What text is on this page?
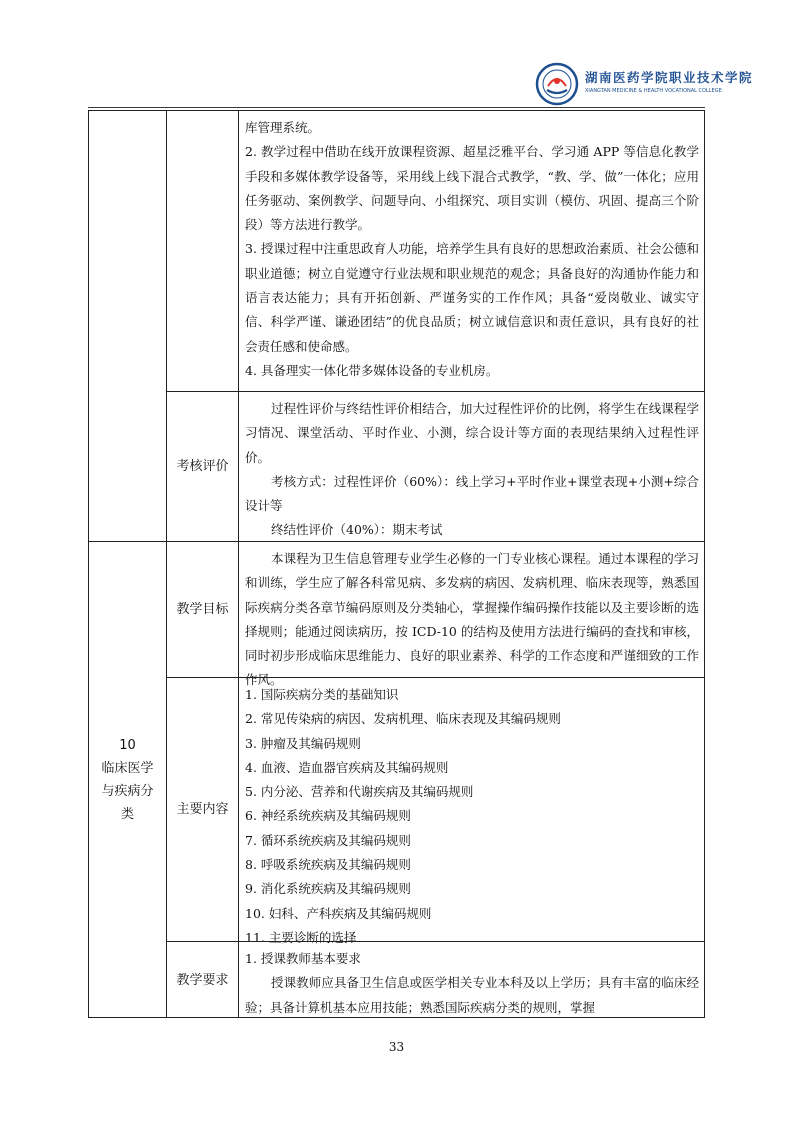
湖南医药学院职业技术学院
XIANGTAN MEDICINE & HEALTH VOCATIONAL COLLEGE

库管理系统。

2. 教学过程中借助在线开放课程资源、超星泛雅平台、学习通 APP 等信息化教学手段和多媒体教学设备等，采用线上线下混合式教学，“教、学、做”一体化；应用任务驱动、案例教学、问题导向、小组探究、项目实训（模仿、巩固、提高三个阶段）等方法进行教学。

3. 授课过程中注重思政育人功能，培养学生具有良好的思想政治素质、社会公德和职业道德；树立自觉遵守行业法规和职业规范的观念；具备良好的沟通协作能力和语言表达能力；具有开拓创新、严谨务实的工作作风；具备“爱岗敬业、诚实守信、科学严谨、谦逊团结”的优良品质；树立诚信意识和责任意识，具有良好的社会责任感和使命感。

4. 具备理实一体化带多媒体设备的专业机房。

考核评价

过程性评价与终结性评价相结合，加大过程性评价的比例，将学生在线课程学习情况、课堂活动、平时作业、小测，综合设计等方面的表现结果纳入过程性评价。

考核方式：过程性评价（60%）：线上学习+平时作业+课堂表现+小测+综合设计等

终结性评价（40%）：期末考试

10
临床医学与疾病分类
教学目标

本课程为卫生信息管理专业学生必修的一门专业核心课程。通过本课程的学习和训练，学生应了解各科常见病、多发病的病因、发病机理、临床表现等，熟悉国际疾病分类各章节编码原则及分类轴心，掌握操作编码操作技能以及主要诊断的选择规则；能通过阅读病历，按 ICD-10 的结构及使用方法进行编码的查找和审核，同时初步形成临床思维能力、良好的职业素养、科学的工作态度和严谨细致的工作作风。

主要内容

1. 国际疾病分类的基础知识

2. 常见传染病的病因、发病机理、临床表现及其编码规则

3. 肿瘤及其编码规则

4. 血液、造血器官疾病及其编码规则

5. 内分泌、营养和代谢疾病及其编码规则

6. 神经系统疾病及其编码规则

7. 循环系统疾病及其编码规则

8. 呼吸系统疾病及其编码规则

9. 消化系统疾病及其编码规则

10. 妇科、产科疾病及其编码规则

11. 主要诊断的选择

教学要求

1. 授课教师基本要求

授课教师应具备卫生信息或医学相关专业本科及以上学历；具有丰富的临床经验；具备计算机基本应用技能；熟悉国际疾病分类的规则，掌握

33
